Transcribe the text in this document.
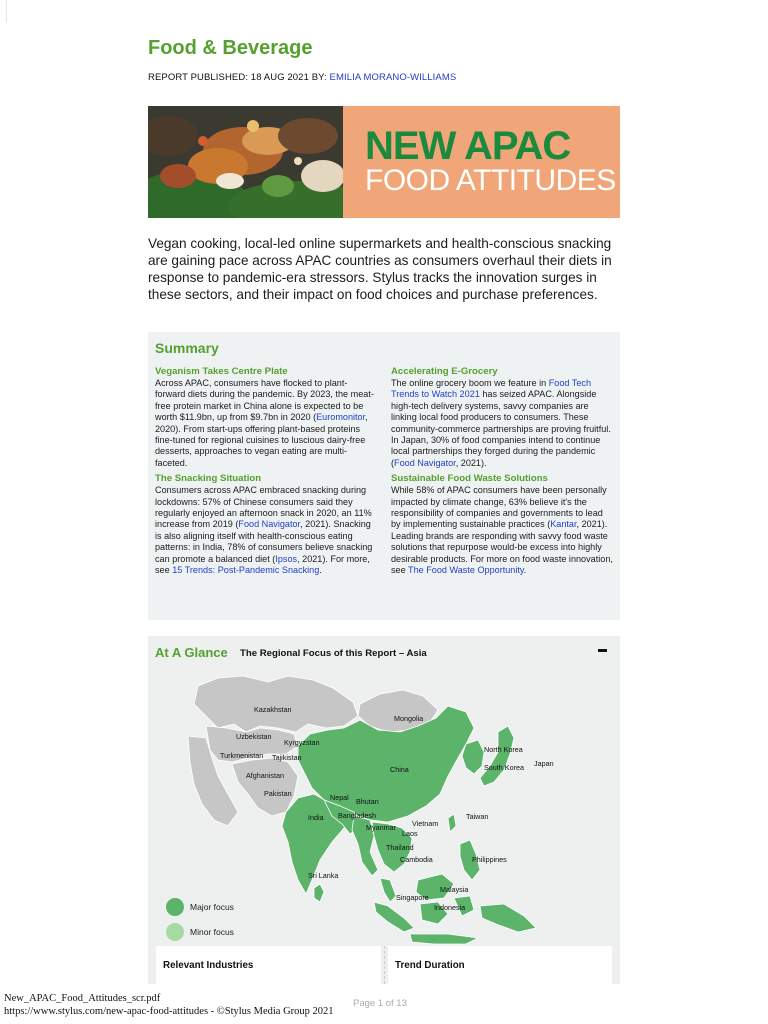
Food & Beverage
REPORT PUBLISHED: 18 AUG 2021 BY: EMILIA MORANO-WILLIAMS
NEW APAC
FOOD ATTITUDES
Vegan cooking, local-led online supermarkets and health-conscious snacking are gaining pace across APAC countries as consumers overhaul their diets in response to pandemic-era stressors. Stylus tracks the innovation surges in these sectors, and their impact on food choices and purchase preferences.
Summary
Veganism Takes Centre Plate

Across APAC, consumers have flocked to plant-forward diets during the pandemic. By 2023, the meat-free protein market in China alone is expected to be worth $11.9bn, up from $9.7bn in 2020 (Euromonitor, 2020). From start-ups offering plant-based proteins fine-tuned for regional cuisines to luscious dairy-free desserts, approaches to vegan eating are multi-faceted.

The Snacking Situation

Consumers across APAC embraced snacking during lockdowns: 57% of Chinese consumers said they regularly enjoyed an afternoon snack in 2020, an 11% increase from 2019 (Food Navigator, 2021). Snacking is also aligning itself with health-conscious eating patterns: in India, 78% of consumers believe snacking can promote a balanced diet (Ipsos, 2021). For more, see 15 Trends: Post-Pandemic Snacking.

Accelerating E-Grocery

The online grocery boom we feature in Food Tech Trends to Watch 2021 has seized APAC. Alongside high-tech delivery systems, savvy companies are linking local food producers to consumers. These community-commerce partnerships are proving fruitful. In Japan, 30% of food companies intend to continue local partnerships they forged during the pandemic (Food Navigator, 2021).

Sustainable Food Waste Solutions

While 58% of APAC consumers have been personally impacted by climate change, 63% believe it's the responsibility of companies and governments to lead by implementing sustainable practices (Kantar, 2021). Leading brands are responding with savvy food waste solutions that repurpose would-be excess into highly desirable products. For more on food waste innovation, see The Food Waste Opportunity.

At A Glance The Regional Focus of this Report – Asia
Kazakhstan
Mongolia
Uzbekistan
Kyrgyzstan
Turkmenistan Tajikistan
Afghanistan
Pakistan
China
North Korea
South Korea Japan
Nepal Bhutan
India Bangladesh
Myanmar Vietnam
Taiwan
Laos
Thailand
Cambodia	Philippines
Sri Lanka
Malaysia
Singapore
Indonesia
Major focus
Minor focus
Relevant Industries	Trend Duration
New_APAC_Food_Attitudes_scr.pdf
https://www.stylus.com/new-apac-food-attitudes - ©Stylus Media Group 2021
Page 1 of 13
